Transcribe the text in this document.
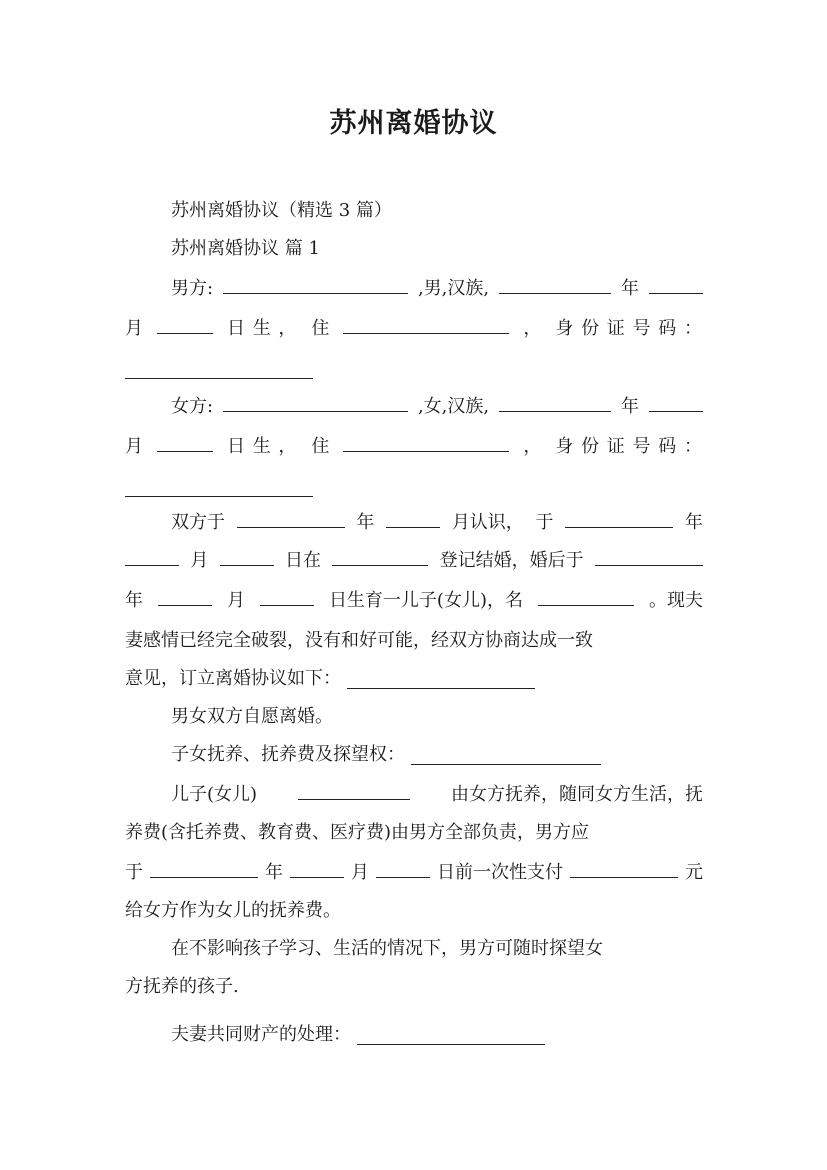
苏州离婚协议
苏州离婚协议（精选 3 篇）
苏州离婚协议 篇 1
男方:	,男,汉族,	年
月	日 生 ， 住	， 身 份 证 号 码 ：
女方:	,女,汉族,	年
月	日 生 ， 住	， 身 份 证 号 码 ：
双方于	年	月认识， 于	年
月	日在	登记结婚，婚后于
年	月	日生育一儿子(女儿)，名	。现夫
妻感情已经完全破裂，没有和好可能，经双方协商达成一致
意见，订立离婚协议如下：
男女双方自愿离婚。
子女抚养、抚养费及探望权：
儿子(女儿)	由女方抚养，随同女方生活，抚
养费(含托养费、教育费、医疗费)由男方全部负责，男方应
于	年	月	日前一次性支付	元
给女方作为女儿的抚养费。
在不影响孩子学习、生活的情况下，男方可随时探望女
方抚养的孩子.
夫妻共同财产的处理：
